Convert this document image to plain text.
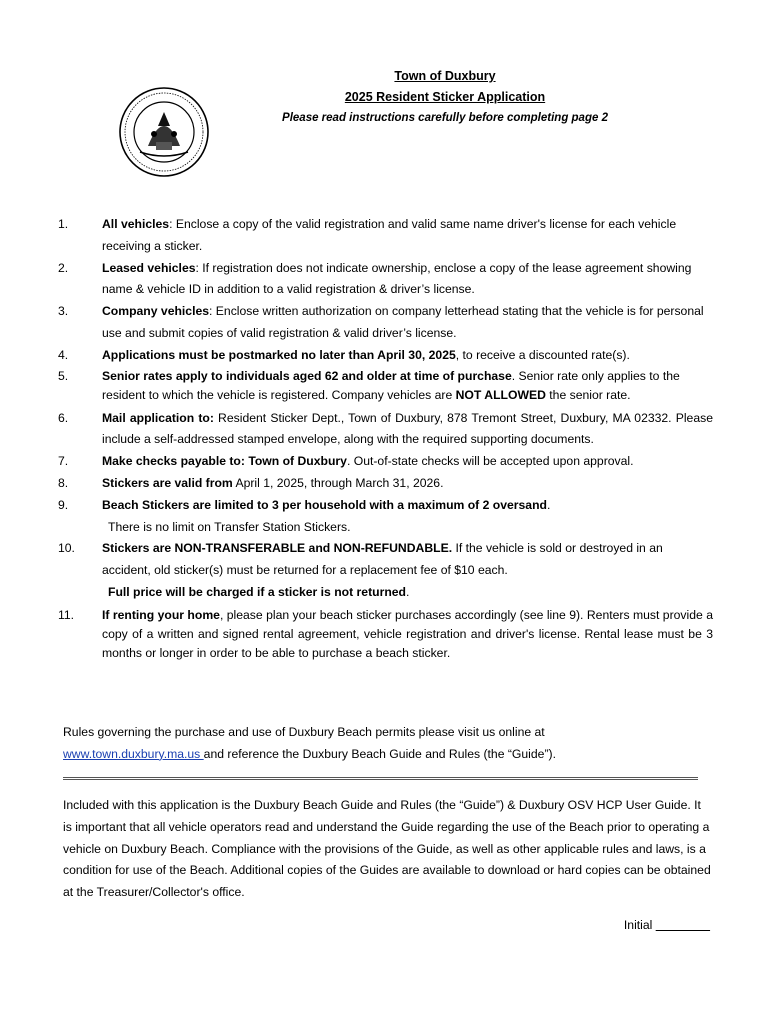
Town of Duxbury
2025 Resident Sticker Application
Please read instructions carefully before completing page 2
1.	All vehicles: Enclose a copy of the valid registration and valid same name driver's license for each vehicle receiving a sticker.
2.	Leased vehicles: If registration does not indicate ownership, enclose a copy of the lease agreement showing name & vehicle ID in addition to a valid registration & driver’s license.
3.	Company vehicles: Enclose written authorization on company letterhead stating that the vehicle is for personal use and submit copies of valid registration & valid driver’s license.
4.	Applications must be postmarked no later than April 30, 2025, to receive a discounted rate(s).
5.	Senior rates apply to individuals aged 62 and older at time of purchase. Senior rate only applies to the resident to which the vehicle is registered. Company vehicles are NOT ALLOWED the senior rate.
6.	Mail application to: Resident Sticker Dept., Town of Duxbury, 878 Tremont Street, Duxbury, MA 02332. Please include a self-addressed stamped envelope, along with the required supporting documents.
7.	Make checks payable to: Town of Duxbury. Out-of-state checks will be accepted upon approval.
8.	Stickers are valid from April 1, 2025, through March 31, 2026.
9.	Beach Stickers are limited to 3 per household with a maximum of 2 oversand.
There is no limit on Transfer Station Stickers.
10.	Stickers are NON-TRANSFERABLE and NON-REFUNDABLE. If the vehicle is sold or destroyed in an accident, old sticker(s) must be returned for a replacement fee of $10 each.
Full price will be charged if a sticker is not returned.
11.	If renting your home, please plan your beach sticker purchases accordingly (see line 9). Renters must provide a copy of a written and signed rental agreement, vehicle registration and driver's license. Rental lease must be 3 months or longer in order to be able to purchase a beach sticker.
Rules governing the purchase and use of Duxbury Beach permits please visit us online at
www.town.duxbury.ma.us and reference the Duxbury Beach Guide and Rules (the “Guide”).
Included with this application is the Duxbury Beach Guide and Rules (the “Guide”) & Duxbury OSV HCP User Guide. It is important that all vehicle operators read and understand the Guide regarding the use of the Beach prior to operating a vehicle on Duxbury Beach. Compliance with the provisions of the Guide, as well as other applicable rules and laws, is a condition for use of the Beach. Additional copies of the Guides are available to download or hard copies can be obtained at the Treasurer/Collector's office.
Initial ________
